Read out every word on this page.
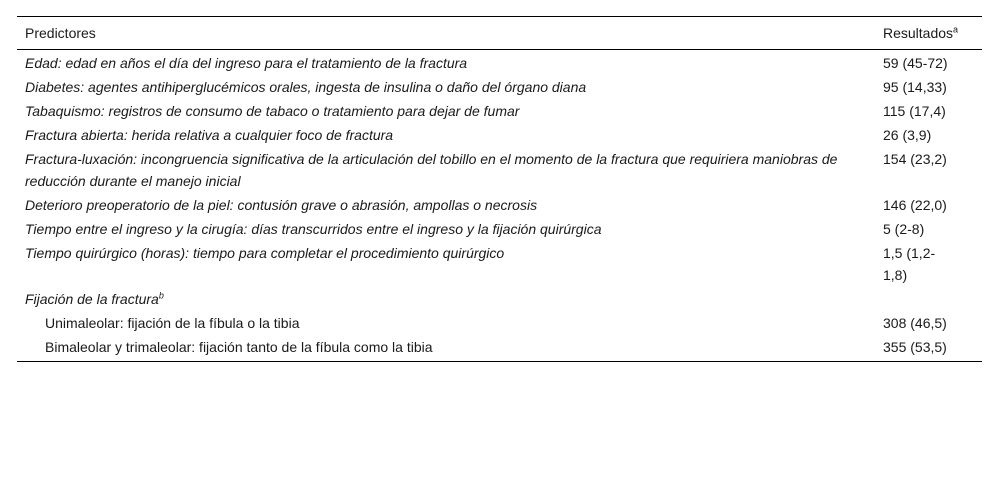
Predictores	Resultados$^a$
Edad: edad en años el día del ingreso para el tratamiento de la fractura	59 (45-72)
Diabetes: agentes antihiperglucémicos orales, ingesta de insulina o daño del órgano diana	95 (14,33)
Tabaquismo: registros de consumo de tabaco o tratamiento para dejar de fumar	115 (17,4)
Fractura abierta: herida relativa a cualquier foco de fractura	26 (3,9)
Fractura-luxación: incongruencia significativa de la articulación del tobillo en el momento de la fractura que requiriera maniobras de reducción durante el manejo inicial	154 (23,2)
Deterioro preoperatorio de la piel: contusión grave o abrasión, ampollas o necrosis	146 (22,0)
Tiempo entre el ingreso y la cirugía: días transcurridos entre el ingreso y la fijación quirúrgica	5 (2-8)
Tiempo quirúrgico (horas): tiempo para completar el procedimiento quirúrgico	1,5 (1,2-1,8)
Fijación de la fractura$^b$	
Unimaleolar: fijación de la fíbula o la tibia	308 (46,5)
Bimaleolar y trimaleolar: fijación tanto de la fíbula como la tibia	355 (53,5)
